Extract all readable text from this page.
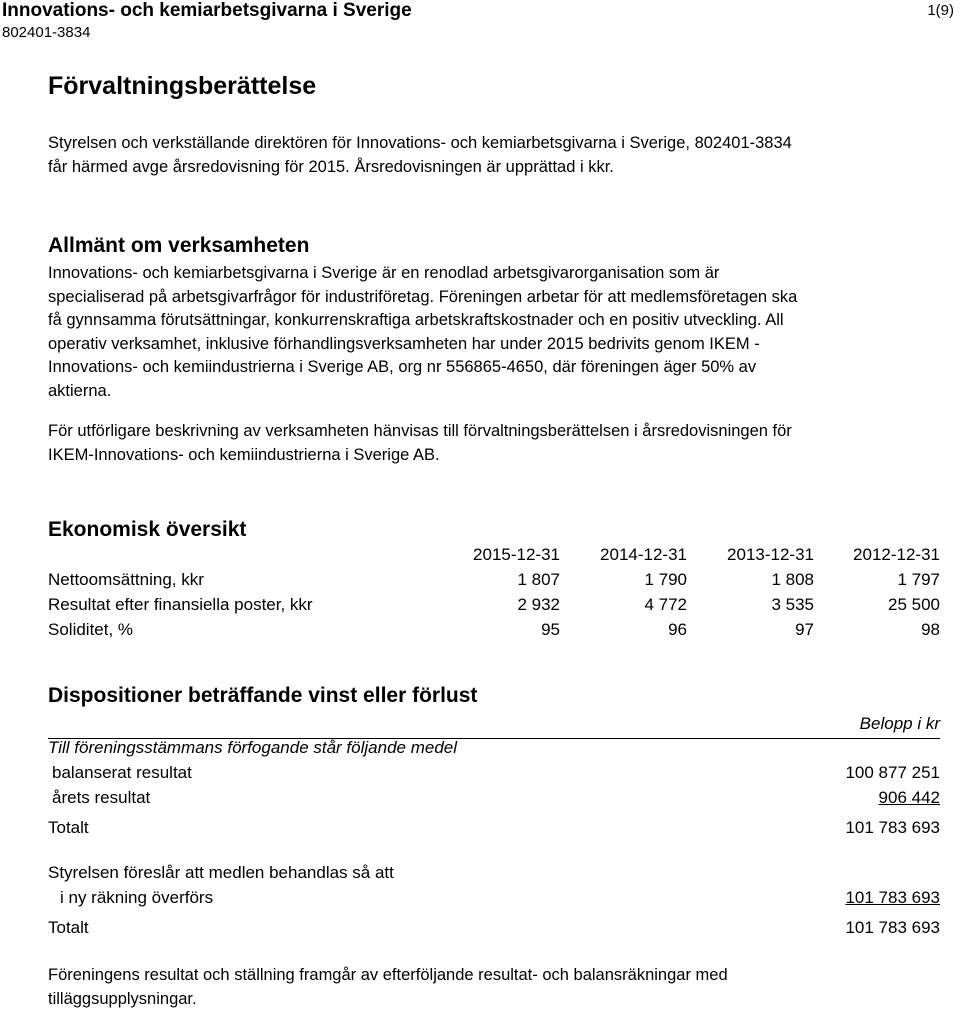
Innovations- och kemiarbetsgivarna i Sverige
802401-3834
1(9)
Förvaltningsberättelse
Styrelsen och verkställande direktören för Innovations- och kemiarbetsgivarna i Sverige, 802401-3834
får härmed avge årsredovisning för 2015. Årsredovisningen är upprättad i kkr.
Allmänt om verksamheten
Innovations- och kemiarbetsgivarna i Sverige är en renodlad arbetsgivarorganisation som är
specialiserad på arbetsgivarfrågor för industriföretag. Föreningen arbetar för att medlemsföretagen ska
få gynnsamma förutsättningar, konkurrenskraftiga arbetskraftskostnader och en positiv utveckling. All
operativ verksamhet, inklusive förhandlingsverksamheten har under 2015 bedrivits genom IKEM -
Innovations- och kemiindustrierna i Sverige AB, org nr 556865-4650, där föreningen äger 50% av
aktierna.
För utförligare beskrivning av verksamheten hänvisas till förvaltningsberättelsen i årsredovisningen för
IKEM-Innovations- och kemiindustrierna i Sverige AB.
Ekonomisk översikt
2015-12-31 2014-12-31 2013-12-31 2012-12-31
Nettoomsättning, kkr	1 807	1 790	1 808	1 797
Resultat efter finansiella poster, kkr	2 932	4 772	3 535	25 500
Soliditet, %	95	96	97	98
Dispositioner beträffande vinst eller förlust
Belopp i kr
Till föreningsstämmans förfogande står följande medel
balanserat resultat	100 877 251
årets resultat	906 442
Totalt	101 783 693
Styrelsen föreslår att medlen behandlas så att
i ny räkning överförs	101 783 693
Totalt	101 783 693
Föreningens resultat och ställning framgår av efterföljande resultat- och balansräkningar med
tilläggsupplysningar.
